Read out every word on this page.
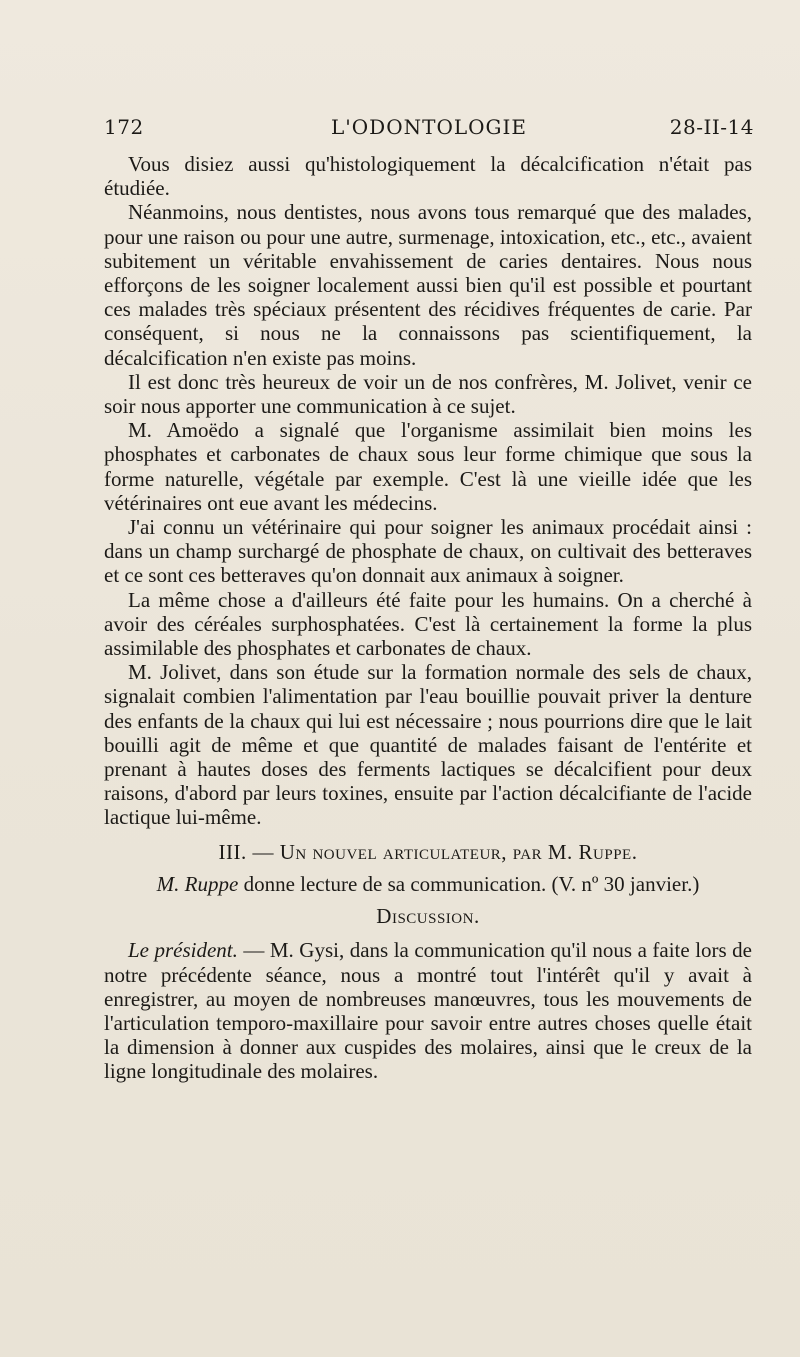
172	L'ODONTOLOGIE	28-II-14

Vous disiez aussi qu'histologiquement la décalcification n'était pas étudiée.

Néanmoins, nous dentistes, nous avons tous remarqué que des malades, pour une raison ou pour une autre, surmenage, intoxication, etc., etc., avaient subitement un véritable envahissement de caries dentaires. Nous nous efforçons de les soigner localement aussi bien qu'il est possible et pourtant ces malades très spéciaux présentent des récidives fréquentes de carie. Par conséquent, si nous ne la connaissons pas scientifiquement, la décalcification n'en existe pas moins.

Il est donc très heureux de voir un de nos confrères, M. Jolivet, venir ce soir nous apporter une communication à ce sujet.

M. Amoëdo a signalé que l'organisme assimilait bien moins les phosphates et carbonates de chaux sous leur forme chimique que sous la forme naturelle, végétale par exemple. C'est là une vieille idée que les vétérinaires ont eue avant les médecins.

J'ai connu un vétérinaire qui pour soigner les animaux procédait ainsi : dans un champ surchargé de phosphate de chaux, on cultivait des betteraves et ce sont ces betteraves qu'on donnait aux animaux à soigner.

La même chose a d'ailleurs été faite pour les humains. On a cherché à avoir des céréales surphosphatées. C'est là certainement la forme la plus assimilable des phosphates et carbonates de chaux.

M. Jolivet, dans son étude sur la formation normale des sels de chaux, signalait combien l'alimentation par l'eau bouillie pouvait priver la denture des enfants de la chaux qui lui est nécessaire ; nous pourrions dire que le lait bouilli agit de même et que quantité de malades faisant de l'entérite et prenant à hautes doses des ferments lactiques se décalcifient pour deux raisons, d'abord par leurs toxines, ensuite par l'action décalcifiante de l'acide lactique lui-même.

III. — Un nouvel articulateur, par M. Ruppe.

M. Ruppe donne lecture de sa communication. (V. nº 30 janvier.)

Discussion.

Le président. — M. Gysi, dans la communication qu'il nous a faite lors de notre précédente séance, nous a montré tout l'intérêt qu'il y avait à enregistrer, au moyen de nombreuses manœuvres, tous les mouvements de l'articulation temporo-maxillaire pour savoir entre autres choses quelle était la dimension à donner aux cuspides des molaires, ainsi que le creux de la ligne longitudinale des molaires.
